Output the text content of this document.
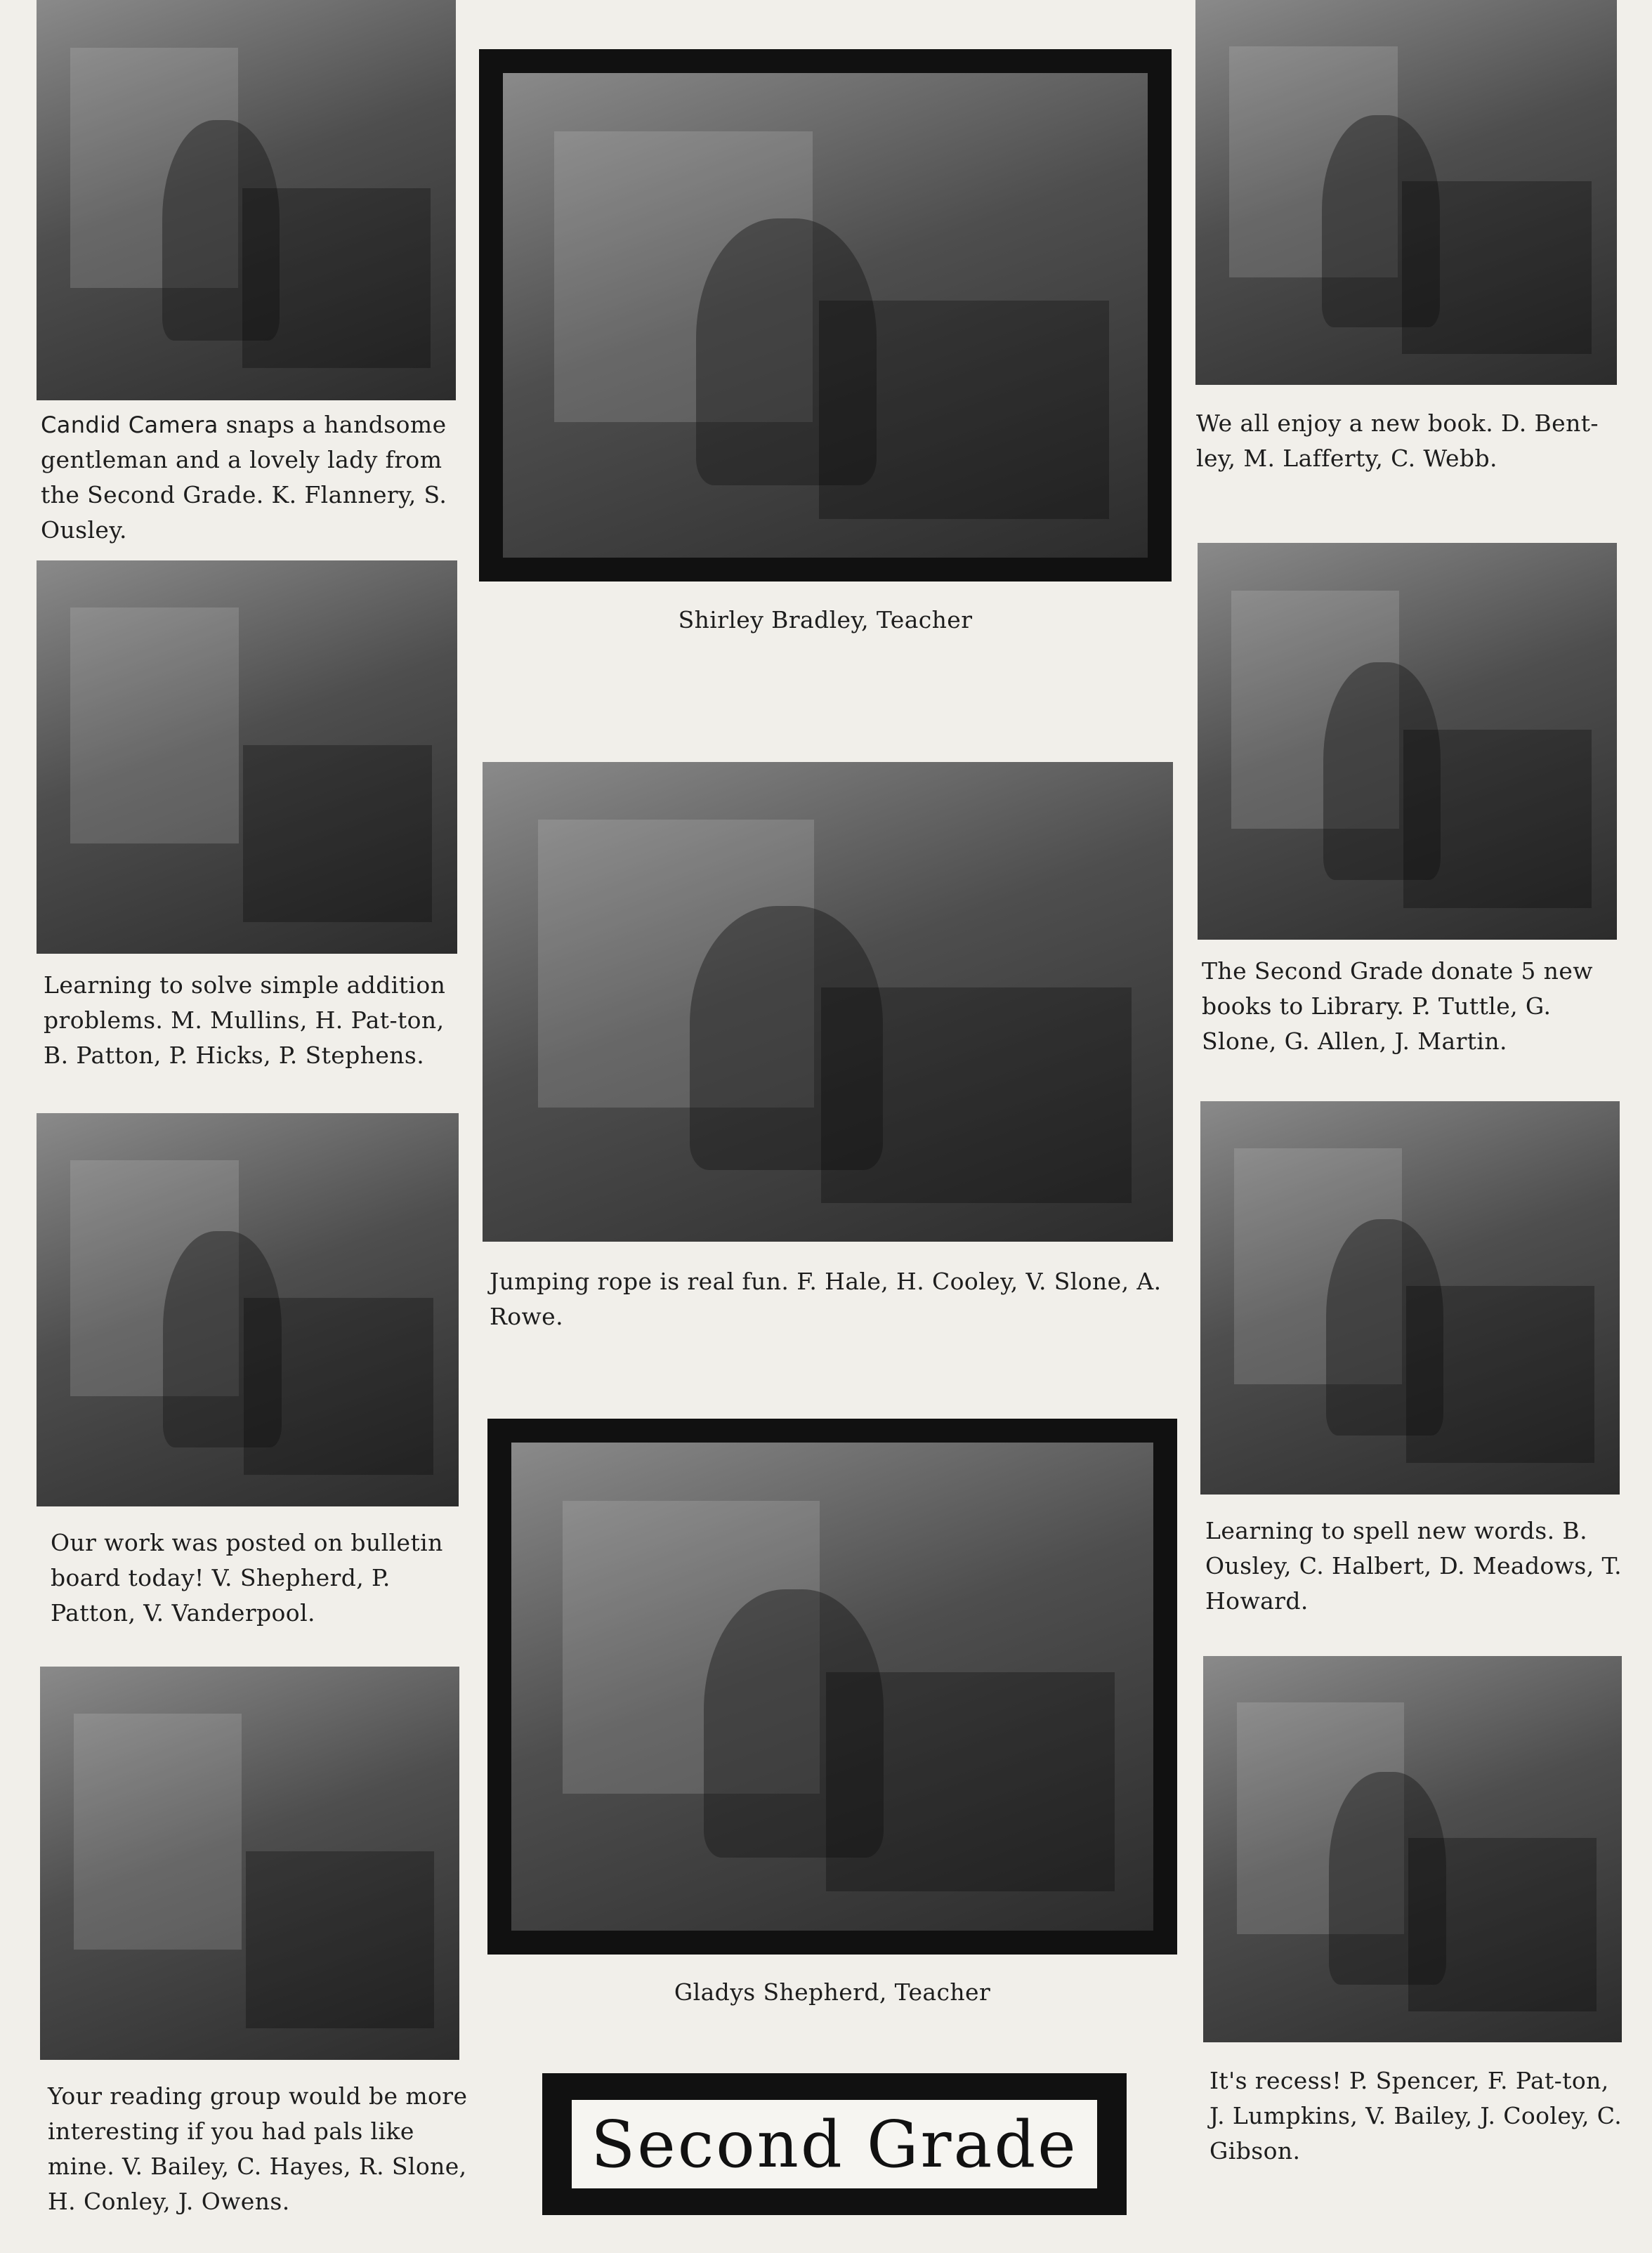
Candid Camera snaps a handsome gentleman and a lovely lady from the Second Grade. K. Flannery, S. Ousley.

Learning to solve simple addition problems. M. Mullins, H. Pat-ton, B. Patton, P. Hicks, P. Stephens.

Our work was posted on bulletin board today! V. Shepherd, P. Patton, V. Vanderpool.

Your reading group would be more interesting if you had pals like mine. V. Bailey, C. Hayes, R. Slone, H. Conley, J. Owens.

Shirley Bradley, Teacher

Jumping rope is real fun. F. Hale, H. Cooley, V. Slone, A. Rowe.

Gladys Shepherd, Teacher

We all enjoy a new book. D. Bent-ley, M. Lafferty, C. Webb.

The Second Grade donate 5 new books to Library. P. Tuttle, G. Slone, G. Allen, J. Martin.

Learning to spell new words. B. Ousley, C. Halbert, D. Meadows, T. Howard.

It's recess! P. Spencer, F. Pat-ton, J. Lumpkins, V. Bailey, J. Cooley, C. Gibson.

Second Grade
